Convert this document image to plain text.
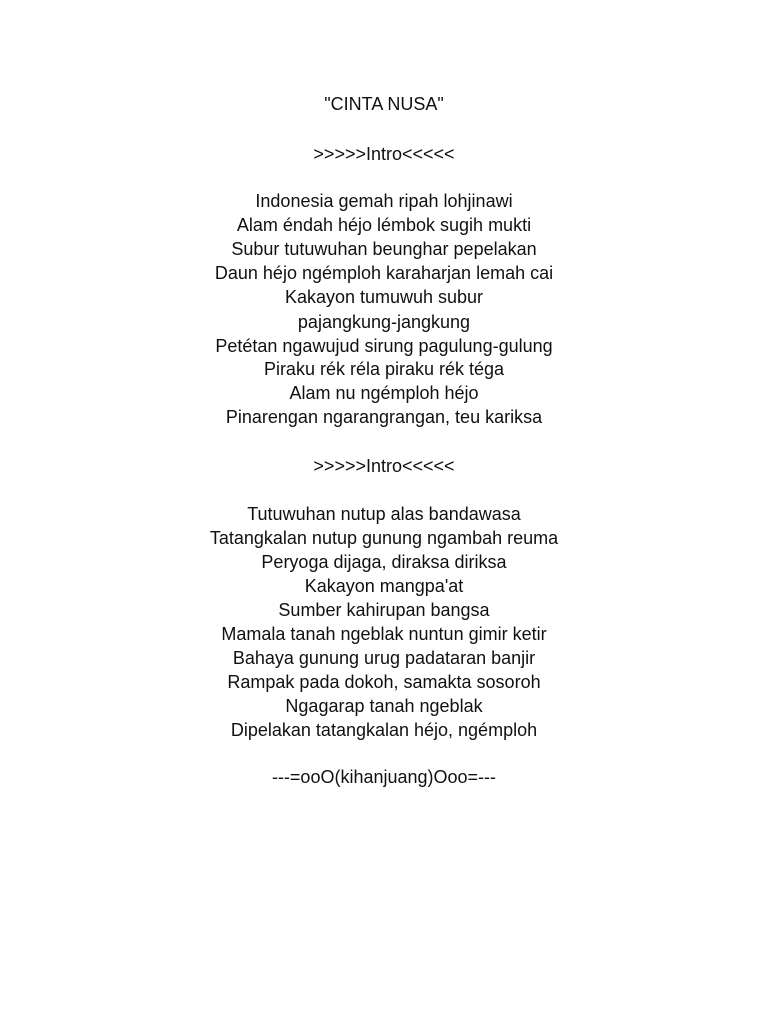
"CINTA NUSA"
>>>>>Intro<<<<<
Indonesia gemah ripah lohjinawi
Alam éndah héjo lémbok sugih mukti
Subur tutuwuhan beunghar pepelakan
Daun héjo ngémploh karaharjan lemah cai
Kakayon tumuwuh subur
pajangkung-jangkung
Petétan ngawujud sirung pagulung-gulung
Piraku rék réla piraku rék téga
Alam nu ngémploh héjo
Pinarengan ngarangrangan, teu kariksa
>>>>>Intro<<<<<
Tutuwuhan nutup alas bandawasa
Tatangkalan nutup gunung ngambah reuma
Peryoga dijaga, diraksa diriksa
Kakayon mangpa'at
Sumber kahirupan bangsa
Mamala tanah ngeblak nuntun gimir ketir
Bahaya gunung urug padataran banjir
Rampak pada dokoh, samakta sosoroh
Ngagarap tanah ngeblak
Dipelakan tatangkalan héjo, ngémploh
---=ooO(kihanjuang)Ooo=---
